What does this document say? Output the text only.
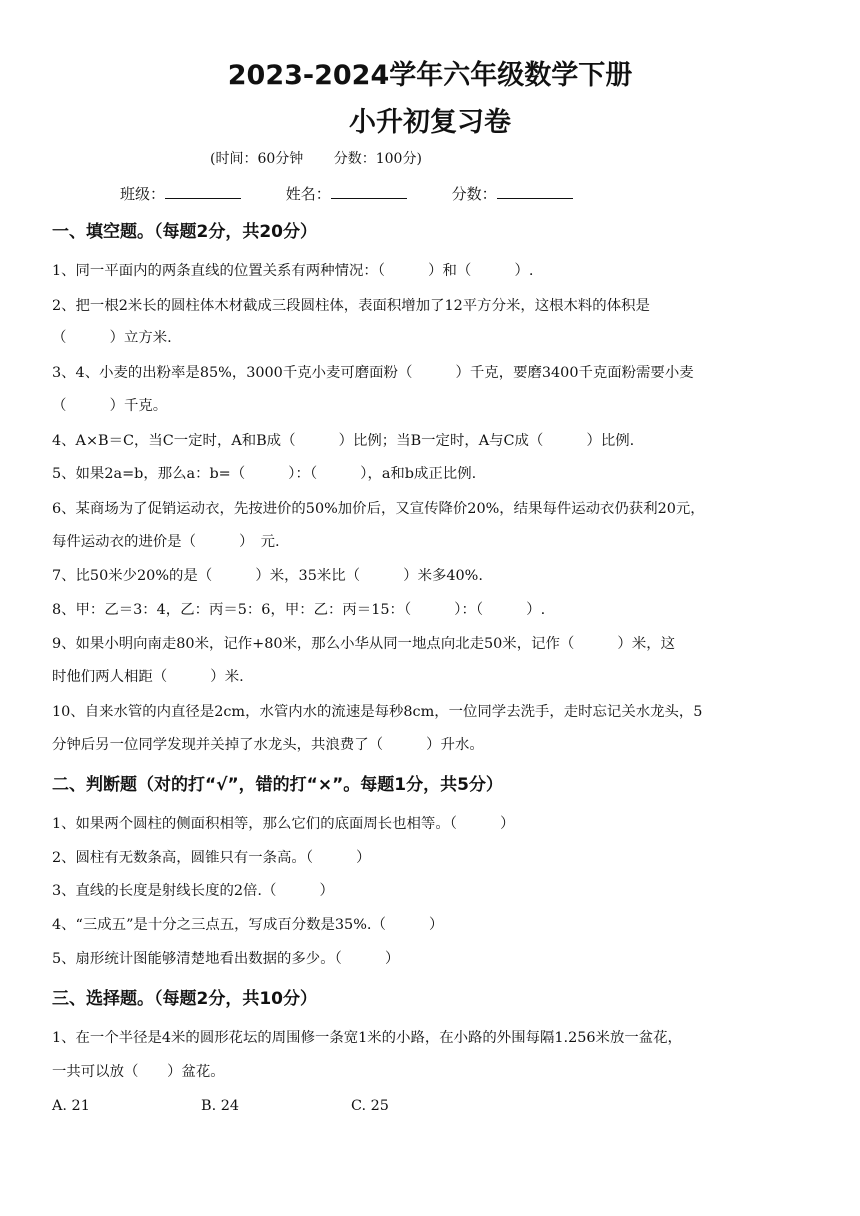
2023-2024学年六年级数学下册
小升初复习卷
(时间：60分钟 分数：100分)
班级：	姓名：	分数：
一、填空题。（每题2分，共20分）
1、同一平面内的两条直线的位置关系有两种情况：（　　　）和（　　　）.
2、把一根2米长的圆柱体木材截成三段圆柱体，表面积增加了12平方分米，这根木料的体积是
（　　　）立方米.
3、4、小麦的出粉率是85%，3000千克小麦可磨面粉（　　　）千克，要磨3400千克面粉需要小麦
（　　　）千克。
4、A×B＝C，当C一定时，A和B成（　　　）比例；当B一定时，A与C成（　　　）比例.
5、如果2a=b，那么a：b=（　　　）：（　　　），a和b成正比例.
6、某商场为了促销运动衣，先按进价的50%加价后，又宣传降价20%，结果每件运动衣仍获利20元，
每件运动衣的进价是（　　　）　元.
7、比50米少20%的是（　　　）米，35米比（　　　）米多40%.
8、甲：乙＝3：4，乙：丙＝5：6，甲：乙：丙＝15：（　　　）：（　　　）.
9、如果小明向南走80米，记作+80米，那么小华从同一地点向北走50米，记作（　　　）米，这
时他们两人相距（　　　）米.
10、自来水管的内直径是2cm，水管内水的流速是每秒8cm，一位同学去洗手，走时忘记关水龙头，5
分钟后另一位同学发现并关掉了水龙头，共浪费了（　　　）升水。
二、判断题（对的打“√”，错的打“×”。每题1分，共5分）
1、如果两个圆柱的侧面积相等，那么它们的底面周长也相等。（　　　）
2、圆柱有无数条高，圆锥只有一条高。（　　　）
3、直线的长度是射线长度的2倍.（　　　）
4、“三成五”是十分之三点五，写成百分数是35%.（　　　）
5、扇形统计图能够清楚地看出数据的多少。（　　　）
三、选择题。（每题2分，共10分）
1、在一个半径是4米的圆形花坛的周围修一条宽1米的小路，在小路的外围每隔1.256米放一盆花，
一共可以放（　　）盆花。
A. 21	B. 24	C. 25
